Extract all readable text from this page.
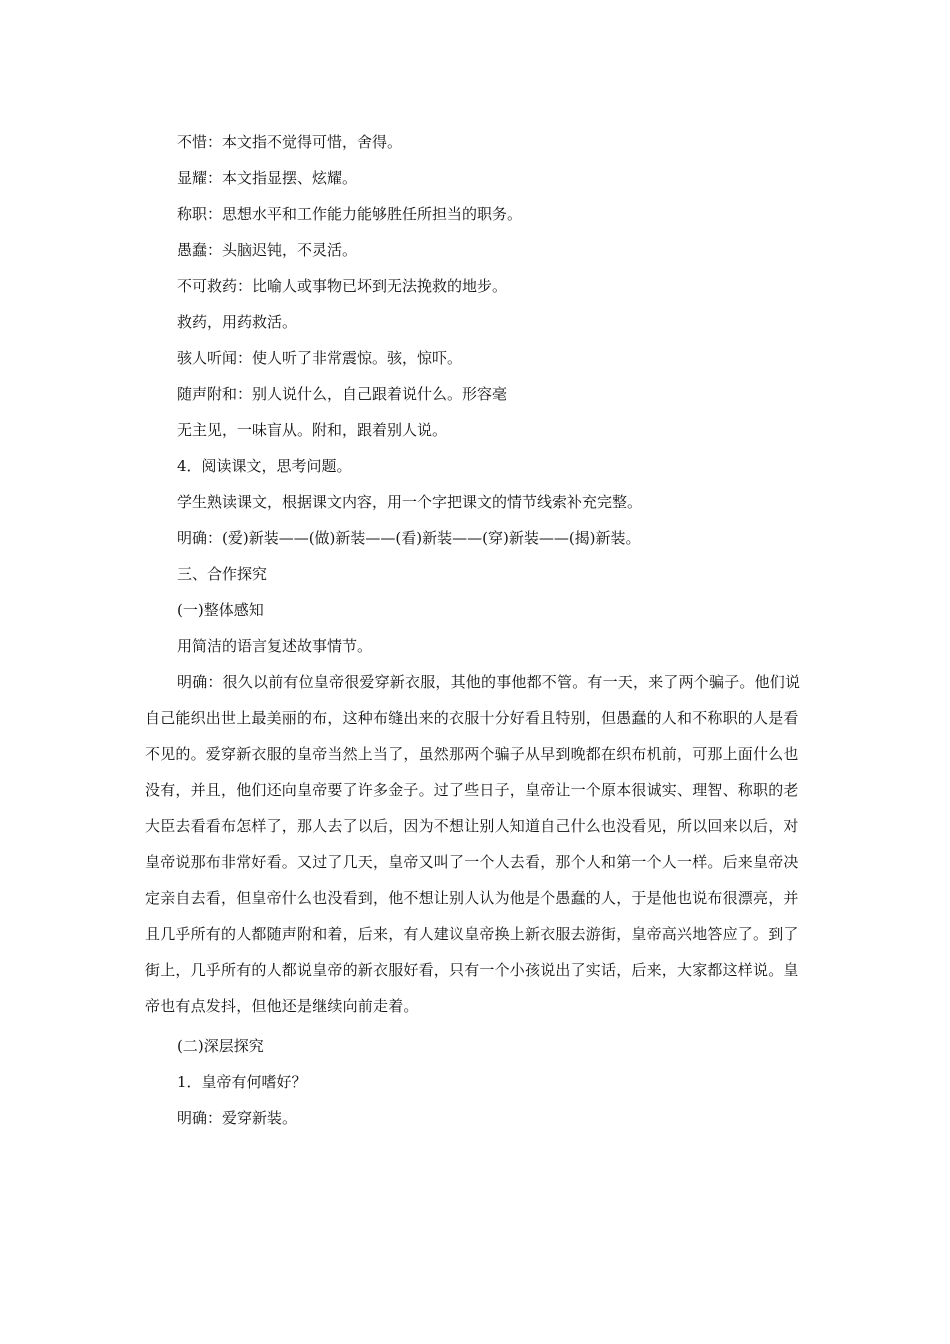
不惜：本文指不觉得可惜，舍得。
显耀：本文指显摆、炫耀。
称职：思想水平和工作能力能够胜任所担当的职务。
愚蠢：头脑迟钝，不灵活。
不可救药：比喻人或事物已坏到无法挽救的地步。
救药，用药救活。
骇人听闻：使人听了非常震惊。骇，惊吓。
随声附和：别人说什么，自己跟着说什么。形容毫
无主见，一味盲从。附和，跟着别人说。
4．阅读课文，思考问题。
学生熟读课文，根据课文内容，用一个字把课文的情节线索补充完整。
明确：(爱)新装——(做)新装——(看)新装——(穿)新装——(揭)新装。
三、合作探究
(一)整体感知
用简洁的语言复述故事情节。
明确：很久以前有位皇帝很爱穿新衣服，其他的事他都不管。有一天，来了两个骗子。他们说自己能织出世上最美丽的布，这种布缝出来的衣服十分好看且特别，但愚蠢的人和不称职的人是看不见的。爱穿新衣服的皇帝当然上当了，虽然那两个骗子从早到晚都在织布机前，可那上面什么也没有，并且，他们还向皇帝要了许多金子。过了些日子，皇帝让一个原本很诚实、理智、称职的老大臣去看看布怎样了，那人去了以后，因为不想让别人知道自己什么也没看见，所以回来以后，对皇帝说那布非常好看。又过了几天，皇帝又叫了一个人去看，那个人和第一个人一样。后来皇帝决定亲自去看，但皇帝什么也没看到，他不想让别人认为他是个愚蠢的人，于是他也说布很漂亮，并且几乎所有的人都随声附和着，后来，有人建议皇帝换上新衣服去游街，皇帝高兴地答应了。到了街上，几乎所有的人都说皇帝的新衣服好看，只有一个小孩说出了实话，后来，大家都这样说。皇帝也有点发抖，但他还是继续向前走着。
(二)深层探究
1．皇帝有何嗜好？
明确：爱穿新装。
